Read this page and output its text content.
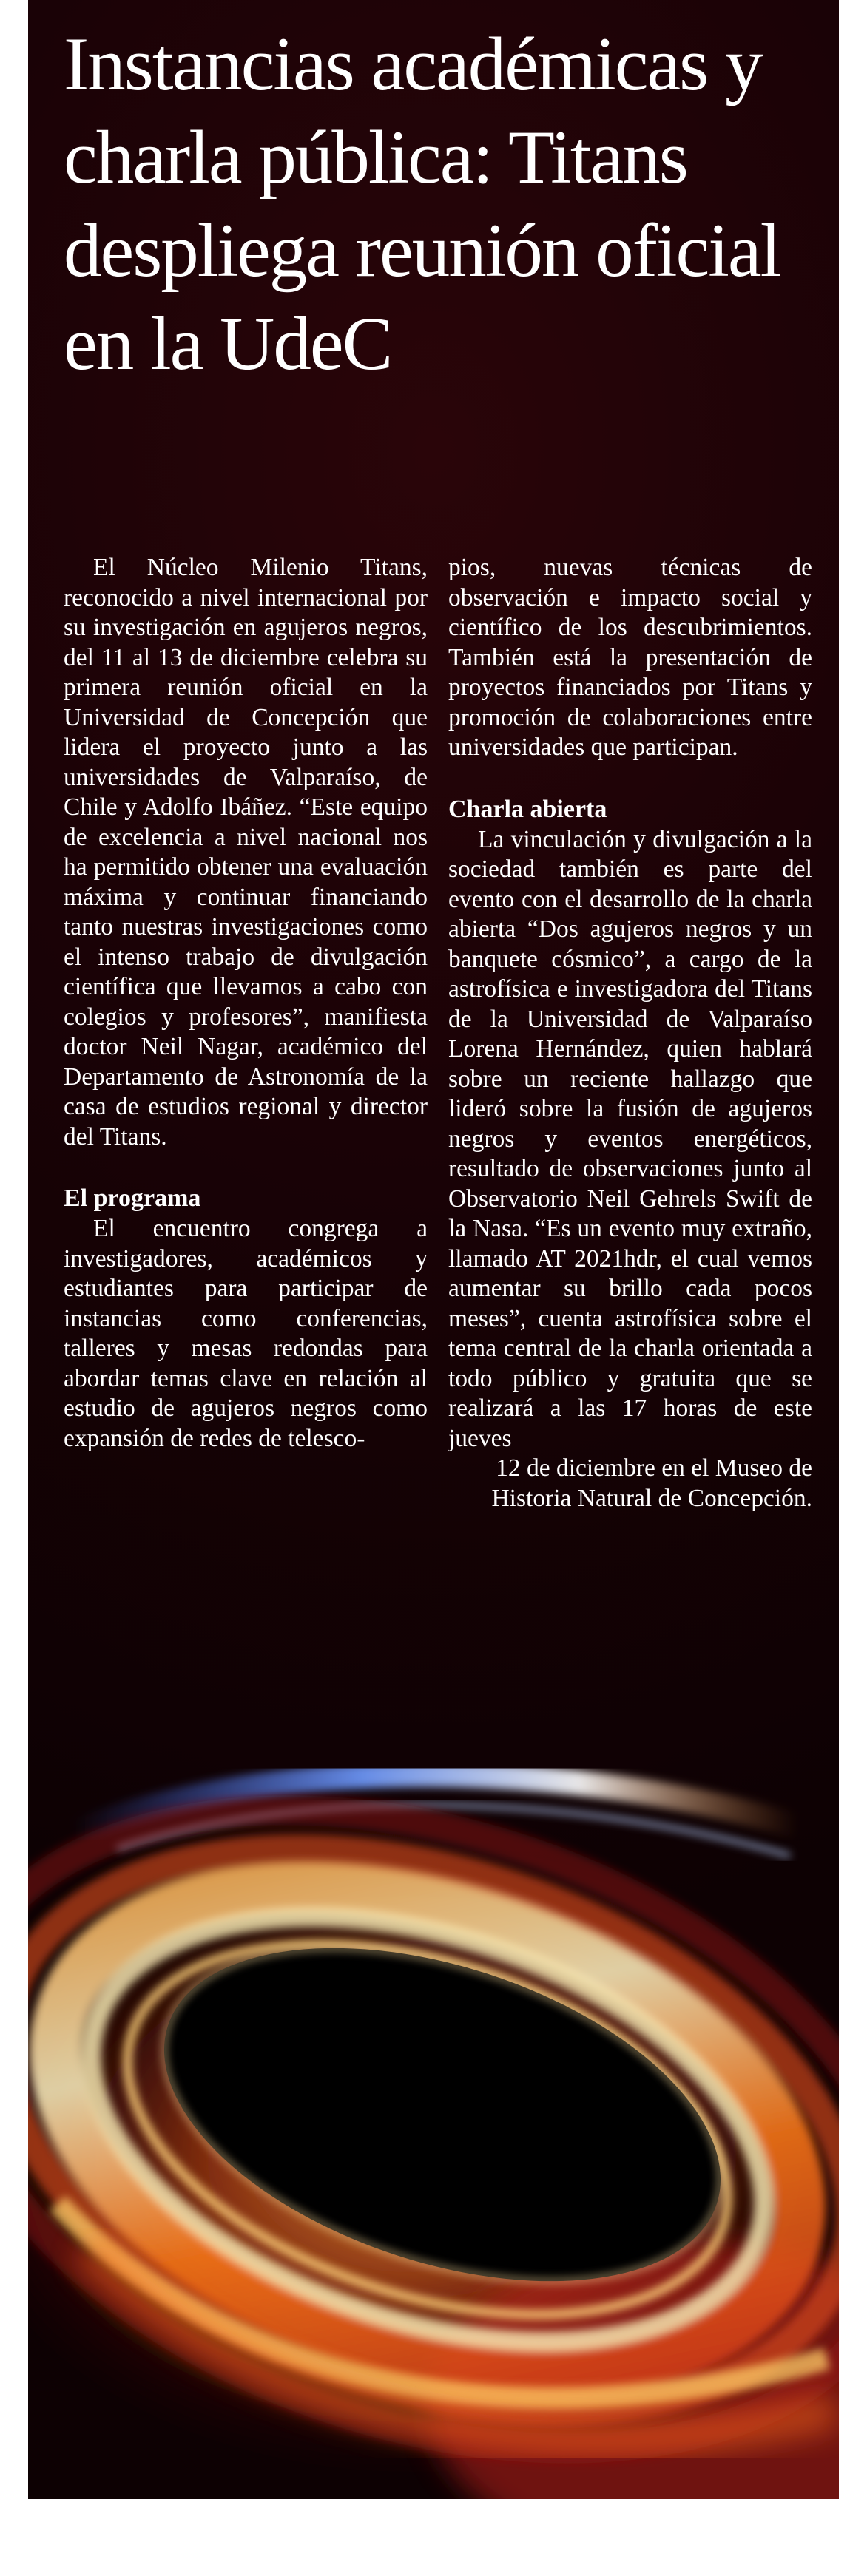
Instancias académicas y charla pública: Titans despliega reunión oficial en la UdeC

El Núcleo Milenio Titans, reconocido a nivel internacional por su investigación en agujeros negros, del 11 al 13 de diciembre celebra su primera reunión oficial en la Universidad de Concepción que lidera el proyecto junto a las universidades de Valparaíso, de Chile y Adolfo Ibáñez. “Este equipo de excelencia a nivel nacional nos ha permitido obtener una evaluación máxima y continuar financiando tanto nuestras investigaciones como el intenso trabajo de divulgación científica que llevamos a cabo con colegios y profesores”, manifiesta doctor Neil Nagar, académico del Departamento de Astronomía de la casa de estudios regional y director del Titans.

El programa

El encuentro congrega a investigadores, académicos y estudiantes para participar de instancias como conferencias, talleres y mesas redondas para abordar temas clave en relación al estudio de agujeros negros como expansión de redes de telesco-

pios, nuevas técnicas de observación e impacto social y científico de los descubrimientos. También está la presentación de proyectos financiados por Titans y promoción de colaboraciones entre universidades que participan.

Charla abierta

La vinculación y divulgación a la sociedad también es parte del evento con el desarrollo de la charla abierta “Dos agujeros negros y un banquete cósmico”, a cargo de la astrofísica e investigadora del Titans de la Universidad de Valparaíso Lorena Hernández, quien hablará sobre un reciente hallazgo que lideró sobre la fusión de agujeros negros y eventos energéticos, resultado de observaciones junto al Observatorio Neil Gehrels Swift de la Nasa. “Es un evento muy extraño, llamado AT 2021hdr, el cual vemos aumentar su brillo cada pocos meses”, cuenta astrofísica sobre el tema central de la charla orientada a todo público y gratuita que se realizará a las 17 horas de este jueves

12 de diciembre en el Museo de Historia Natural de Concepción.
